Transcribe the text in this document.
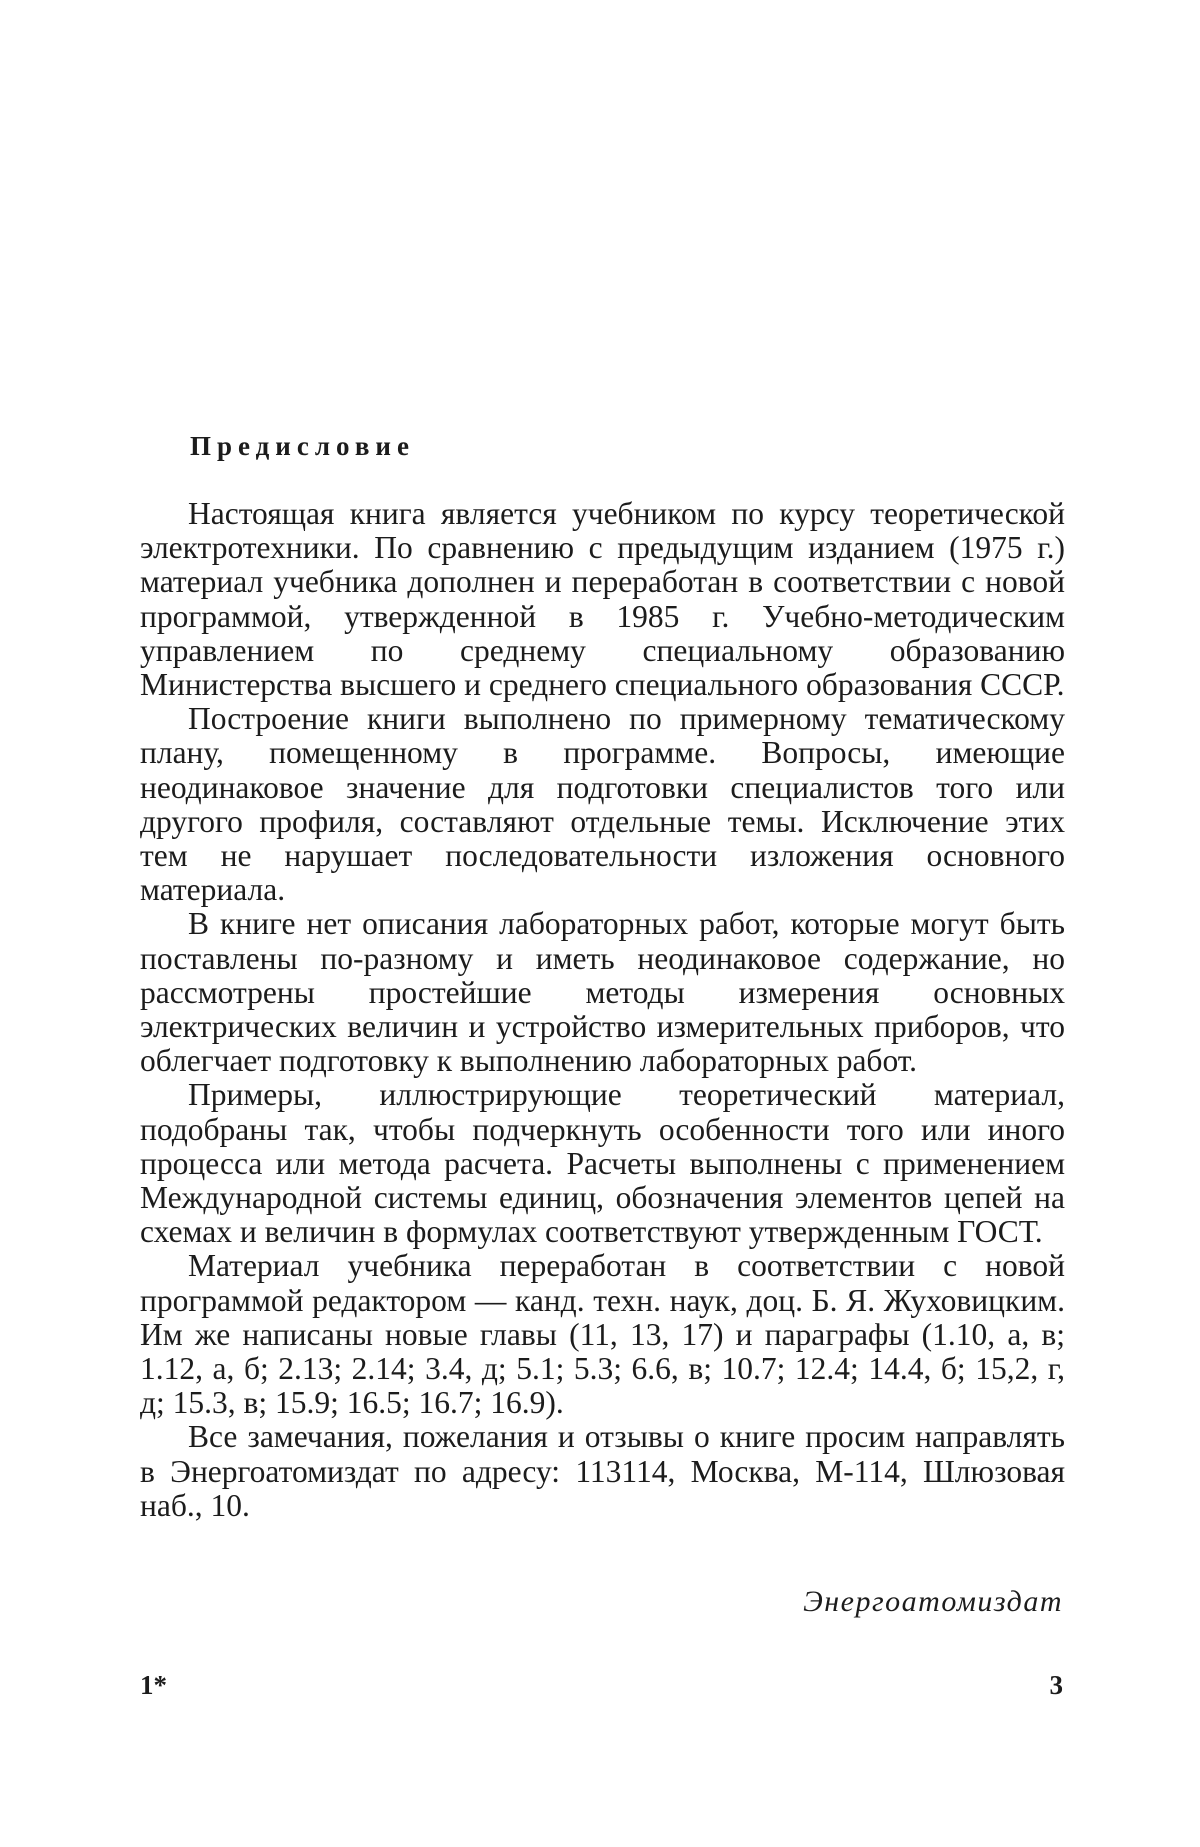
Предисловие

Настоящая книга является учебником по курсу теоретической электротехники. По сравнению с предыдущим изданием (1975 г.) материал учебника дополнен и переработан в соответствии с новой программой, утвержденной в 1985 г. Учебно-методическим управлением по среднему специальному образованию Министерства высшего и среднего специального образования СССР.

Построение книги выполнено по примерному тематическому плану, помещенному в программе. Вопросы, имеющие неодинаковое значение для подготовки специалистов того или другого профиля, составляют отдельные темы. Исключение этих тем не нарушает последовательности изложения основного материала.

В книге нет описания лабораторных работ, которые могут быть поставлены по-разному и иметь неодинаковое содержание, но рассмотрены простейшие методы измерения основных электрических величин и устройство измерительных приборов, что облегчает подготовку к выполнению лабораторных работ.

Примеры, иллюстрирующие теоретический материал, подобраны так, чтобы подчеркнуть особенности того или иного процесса или метода расчета. Расчеты выполнены с применением Международной системы единиц, обозначения элементов цепей на схемах и величин в формулах соответствуют утвержденным ГОСТ.

Материал учебника переработан в соответствии с новой программой редактором — канд. техн. наук, доц. Б. Я. Жуховицким. Им же написаны новые главы (11, 13, 17) и параграфы (1.10, а, в; 1.12, а, б; 2.13; 2.14; 3.4, д; 5.1; 5.3; 6.6, в; 10.7; 12.4; 14.4, б; 15,2, г, д; 15.3, в; 15.9; 16.5; 16.7; 16.9).

Все замечания, пожелания и отзывы о книге просим направлять в Энергоатомиздат по адресу: 113114, Москва, М-114, Шлюзовая наб., 10.

Энергоатомиздат
1*	3
